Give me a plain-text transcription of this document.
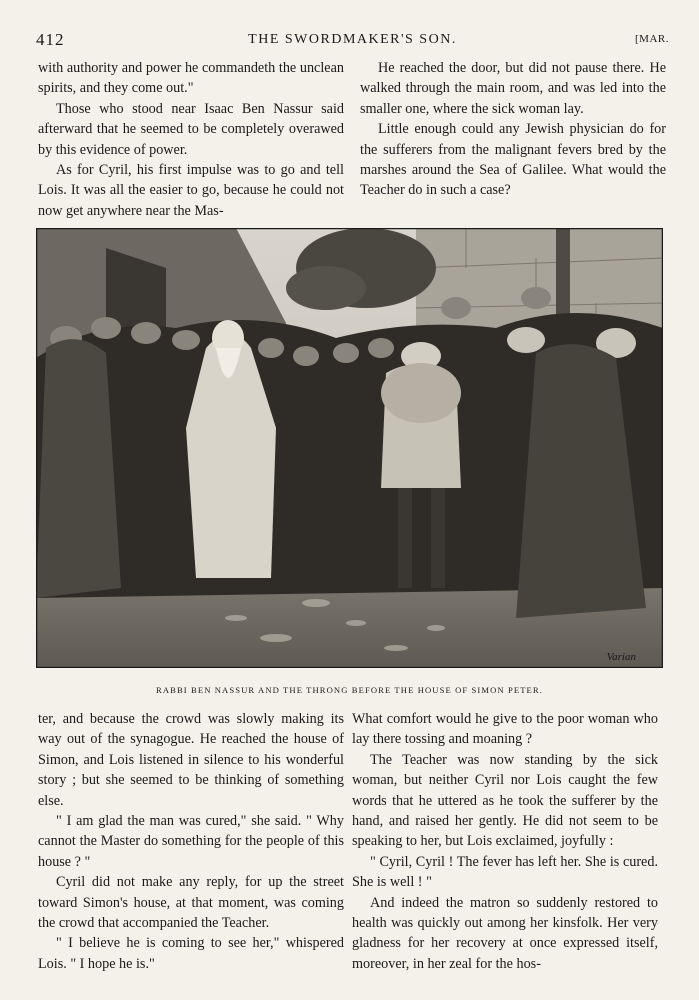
412	THE SWORDMAKER'S SON.	[MAR.

with authority and power he commandeth the unclean spirits, and they come out."

Those who stood near Isaac Ben Nassur said afterward that he seemed to be completely overawed by this evidence of power.

As for Cyril, his first impulse was to go and tell Lois. It was all the easier to go, because he could not now get anywhere near the Mas-

He reached the door, but did not pause there. He walked through the main room, and was led into the smaller one, where the sick woman lay.

Little enough could any Jewish physician do for the sufferers from the malignant fevers bred by the marshes around the Sea of Galilee. What would the Teacher do in such a case?

Varian
RABBI BEN NASSUR AND THE THRONG BEFORE THE HOUSE OF SIMON PETER.

ter, and because the crowd was slowly making its way out of the synagogue. He reached the house of Simon, and Lois listened in silence to his wonderful story ; but she seemed to be thinking of something else.

" I am glad the man was cured," she said. " Why cannot the Master do something for the people of this house ? "

Cyril did not make any reply, for up the street toward Simon's house, at that moment, was coming the crowd that accompanied the Teacher.

" I believe he is coming to see her," whispered Lois. " I hope he is."

What comfort would he give to the poor woman who lay there tossing and moaning ?

The Teacher was now standing by the sick woman, but neither Cyril nor Lois caught the few words that he uttered as he took the sufferer by the hand, and raised her gently. He did not seem to be speaking to her, but Lois exclaimed, joyfully :

" Cyril, Cyril ! The fever has left her. She is cured. She is well ! "

And indeed the matron so suddenly restored to health was quickly out among her kinsfolk. Her very gladness for her recovery at once expressed itself, moreover, in her zeal for the hos-
